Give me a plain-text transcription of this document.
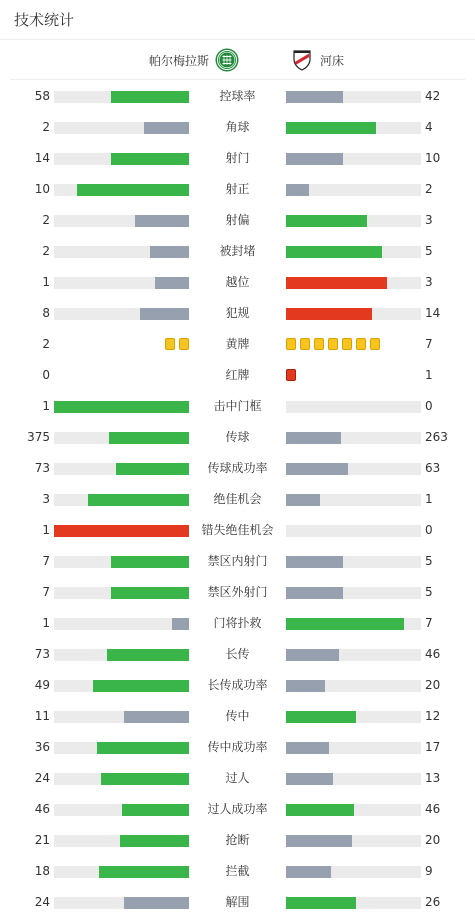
技术统计
帕尔梅拉斯	河床
58	控球率	42
2	角球	4
14	射门	10
10	射正	2
2	射偏	3
2	被封堵	5
1	越位	3
8	犯规	14
2	黄牌	7
0	红牌	1
1	击中门框	0
375	传球	263
73	传球成功率	63
3	绝佳机会	1
1	错失绝佳机会	0
7	禁区内射门	5
7	禁区外射门	5
1	门将扑救	7
73	长传	46
49	长传成功率	20
11	传中	12
36	传中成功率	17
24	过人	13
46	过人成功率	46
21	抢断	20
18	拦截	9
24	解围	26
